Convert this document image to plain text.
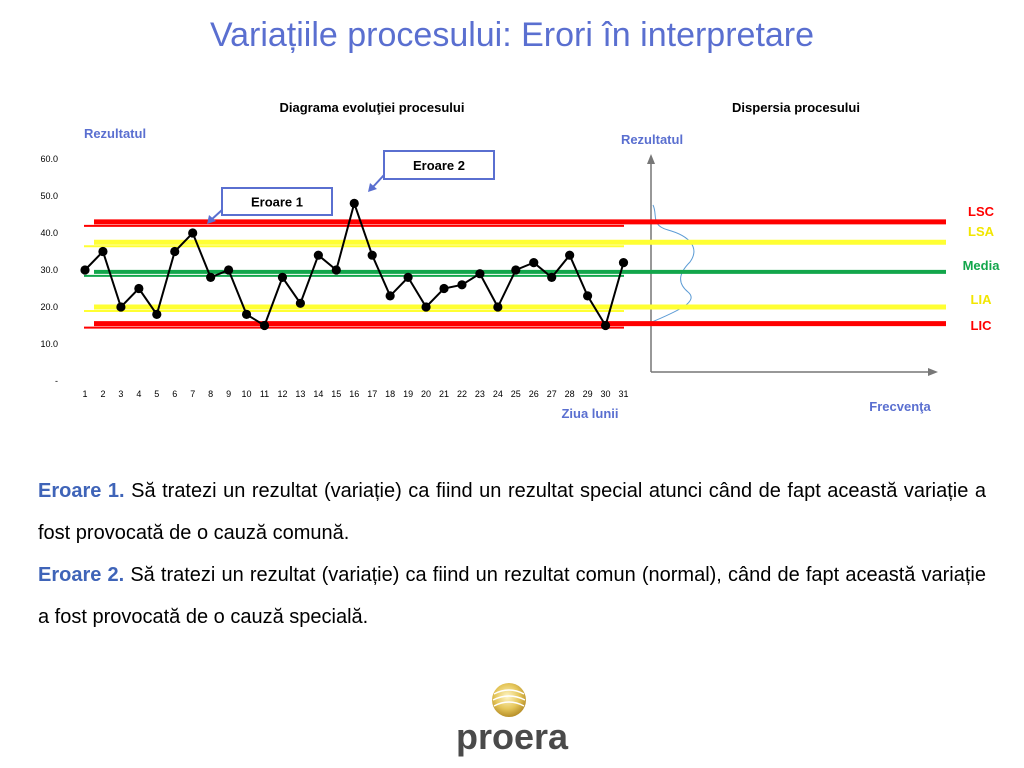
Variațiile procesului: Erori în interpretare
Diagrama evoluţiei procesului
Rezultatul
Ziua lunii
Dispersia procesului
Rezultatul
Frecvenţa
LSC
LSA
Media
LIA
LIC
-
10.0
20.0
30.0
40.0
50.0
60.0
1 2 3 4 5 6 7 8 9 10 11 12 13 14 15 16 17 18 19 20 21 22 23 24 25 26 27 28 29 30 31
Eroare 1
Eroare 2

Eroare 1. Să tratezi un rezultat (variație) ca fiind un rezultat special atunci când de fapt această variație a fost provocată de o cauză comună.

Eroare 2. Să tratezi un rezultat (variație) ca fiind un rezultat comun (normal), când de fapt această variație a fost provocată de o cauză specială.

proera
